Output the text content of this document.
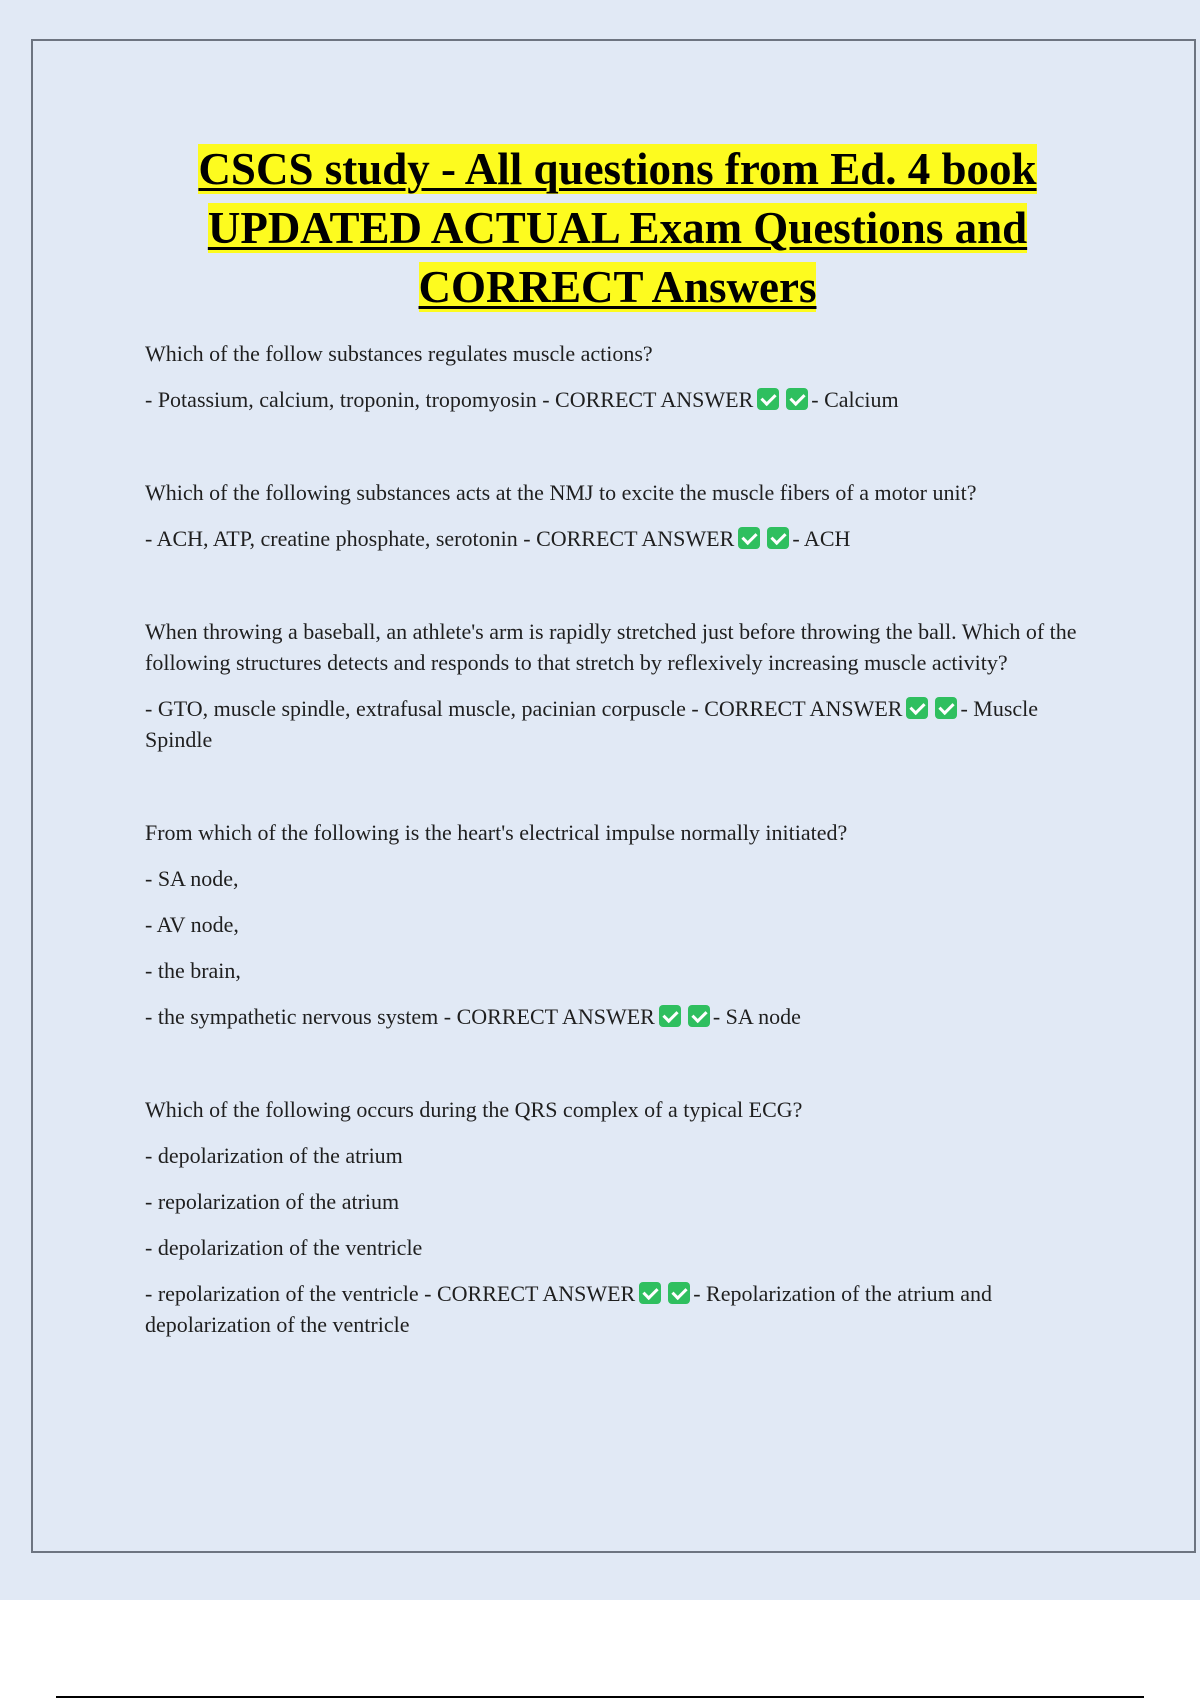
CSCS study - All questions from Ed. 4 book
UPDATED ACTUAL Exam Questions and
CORRECT Answers

Which of the follow substances regulates muscle actions?

- Potassium, calcium, troponin, tropomyosin - CORRECT ANSWER	- Calcium

Which of the following substances acts at the NMJ to excite the muscle fibers of a motor unit?

- ACH, ATP, creatine phosphate, serotonin - CORRECT ANSWER	- ACH

When throwing a baseball, an athlete's arm is rapidly stretched just before throwing the ball. Which of the following structures detects and responds to that stretch by reflexively increasing muscle activity?

- GTO, muscle spindle, extrafusal muscle, pacinian corpuscle - CORRECT ANSWER	- Muscle Spindle

From which of the following is the heart's electrical impulse normally initiated?

- SA node,

- AV node,

- the brain,

- the sympathetic nervous system - CORRECT ANSWER	- SA node

Which of the following occurs during the QRS complex of a typical ECG?

- depolarization of the atrium

- repolarization of the atrium

- depolarization of the ventricle

- repolarization of the ventricle - CORRECT ANSWER	- Repolarization of the atrium and depolarization of the ventricle
